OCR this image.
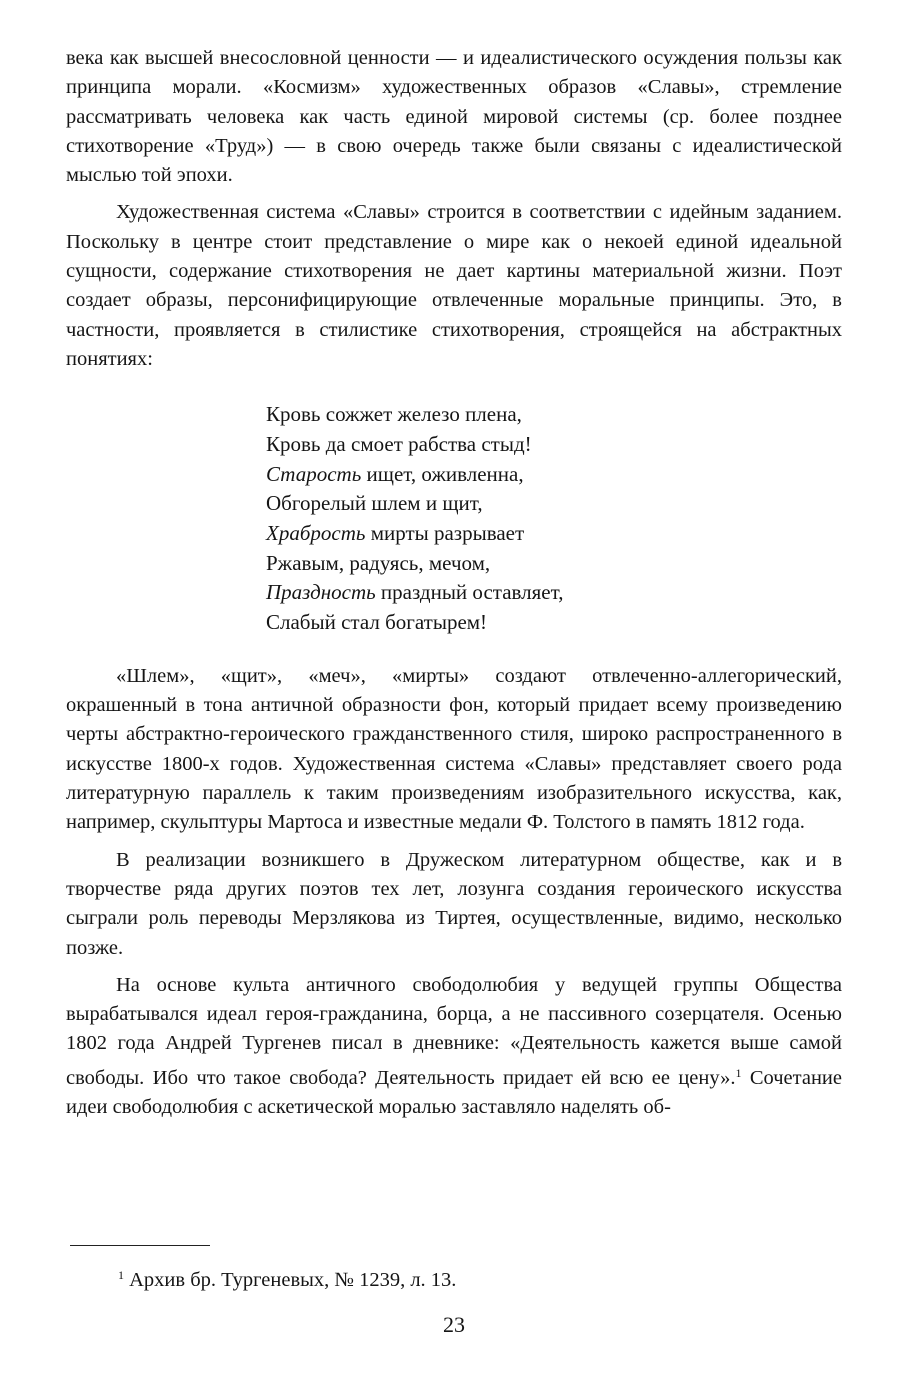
века как высшей внесословной ценности — и идеалистического осуждения пользы как принципа морали. «Космизм» художественных образов «Славы», стремление рассматривать человека как часть единой мировой системы (ср. более позднее стихотворение «Труд») — в свою очередь также были связаны с идеалистической мыслью той эпохи.

Художественная система «Славы» строится в соответствии с идейным заданием. Поскольку в центре стоит представление о мире как о некоей единой идеальной сущности, содержание стихотворения не дает картины материальной жизни. Поэт создает образы, персонифицирующие отвлеченные моральные принципы. Это, в частности, проявляется в стилистике стихотворения, строящейся на абстрактных понятиях:

Кровь сожжет железо плена,
Кровь да смоет рабства стыд!
Старость ищет, оживленна,
Обгорелый шлем и щит,
Храбрость мирты разрывает
Ржавым, радуясь, мечом,
Праздность праздный оставляет,
Слабый стал богатырем!

«Шлем», «щит», «меч», «мирты» создают отвлеченно-аллегорический, окрашенный в тона античной образности фон, который придает всему произведению черты абстрактно-героического гражданственного стиля, широко распространенного в искусстве 1800-х годов. Художественная система «Славы» представляет своего рода литературную параллель к таким произведениям изобразительного искусства, как, например, скульптуры Мартоса и известные медали Ф. Толстого в память 1812 года.

В реализации возникшего в Дружеском литературном обществе, как и в творчестве ряда других поэтов тех лет, лозунга создания героического искусства сыграли роль переводы Мерзлякова из Тиртея, осуществленные, видимо, несколько позже.

На основе культа античного свободолюбия у ведущей группы Общества вырабатывался идеал героя-гражданина, борца, а не пассивного созерцателя. Осенью 1802 года Андрей Тургенев писал в дневнике: «Деятельность кажется выше самой свободы. Ибо что такое свобода? Деятельность придает ей всю ее цену».$^1$ Сочетание идеи свободолюбия с аскетической моралью заставляло наделять об-

$^1$ Архив бр. Тургеневых, № 1239, л. 13.
23
